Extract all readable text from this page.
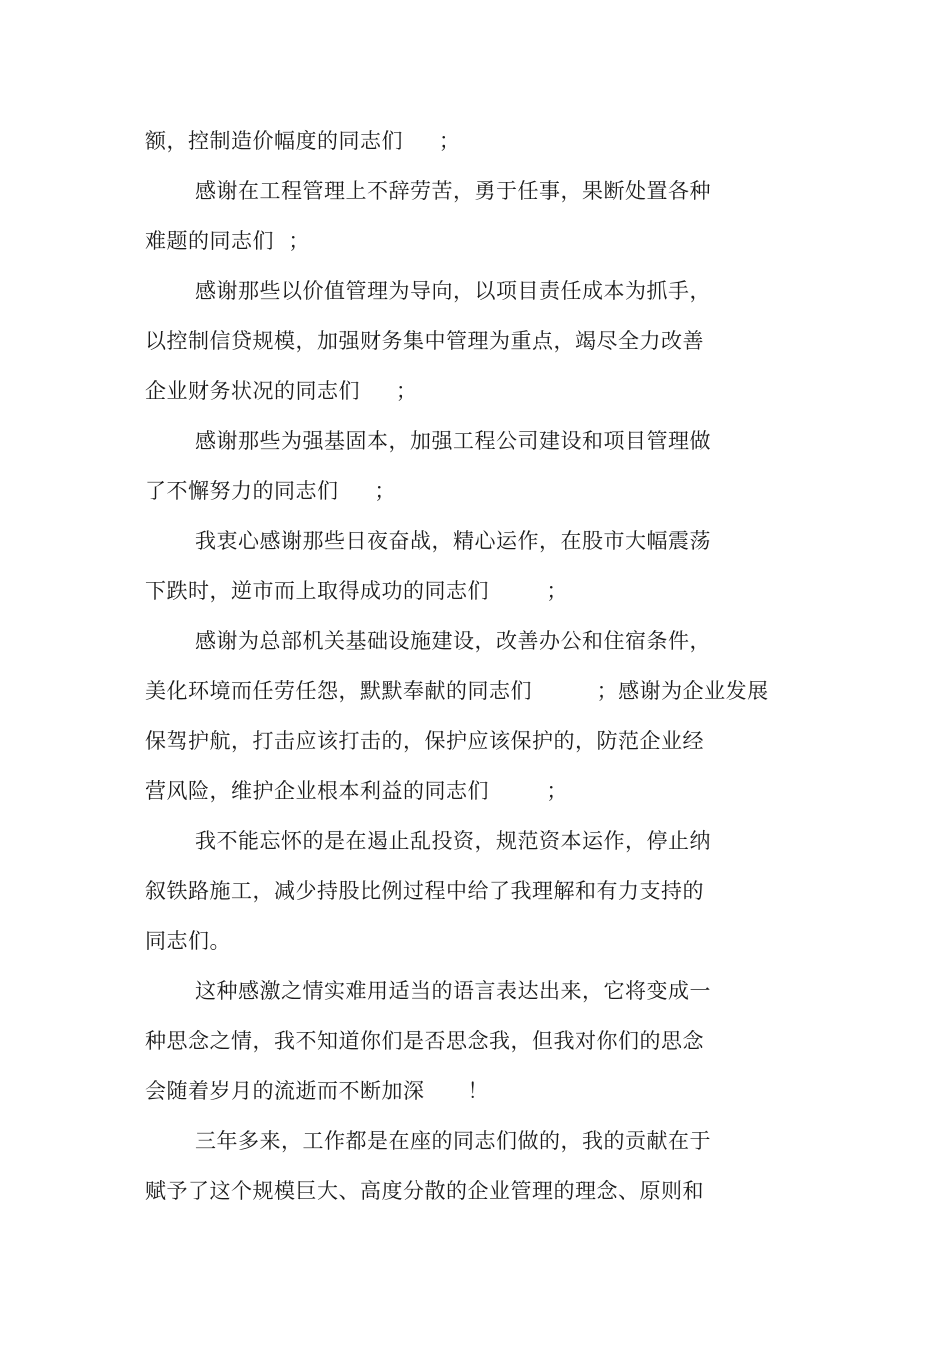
额，控制造价幅度的同志们     ；
感谢在工程管理上不辞劳苦，勇于任事，果断处置各种
难题的同志们  ；
感谢那些以价值管理为导向，以项目责任成本为抓手，
以控制信贷规模，加强财务集中管理为重点，竭尽全力改善
企业财务状况的同志们     ；
感谢那些为强基固本，加强工程公司建设和项目管理做
了不懈努力的同志们     ；
我衷心感谢那些日夜奋战，精心运作，在股市大幅震荡
下跌时，逆市而上取得成功的同志们        ；
感谢为总部机关基础设施建设，改善办公和住宿条件，
美化环境而任劳任怨，默默奉献的同志们         ；感谢为企业发展
保驾护航，打击应该打击的，保护应该保护的，防范企业经
营风险，维护企业根本利益的同志们        ；
我不能忘怀的是在遏止乱投资，规范资本运作，停止纳
叙铁路施工，减少持股比例过程中给了我理解和有力支持的
同志们。
这种感激之情实难用适当的语言表达出来，它将变成一
种思念之情，我不知道你们是否思念我，但我对你们的思念
会随着岁月的流逝而不断加深      ！
三年多来，工作都是在座的同志们做的，我的贡献在于
赋予了这个规模巨大、高度分散的企业管理的理念、原则和
